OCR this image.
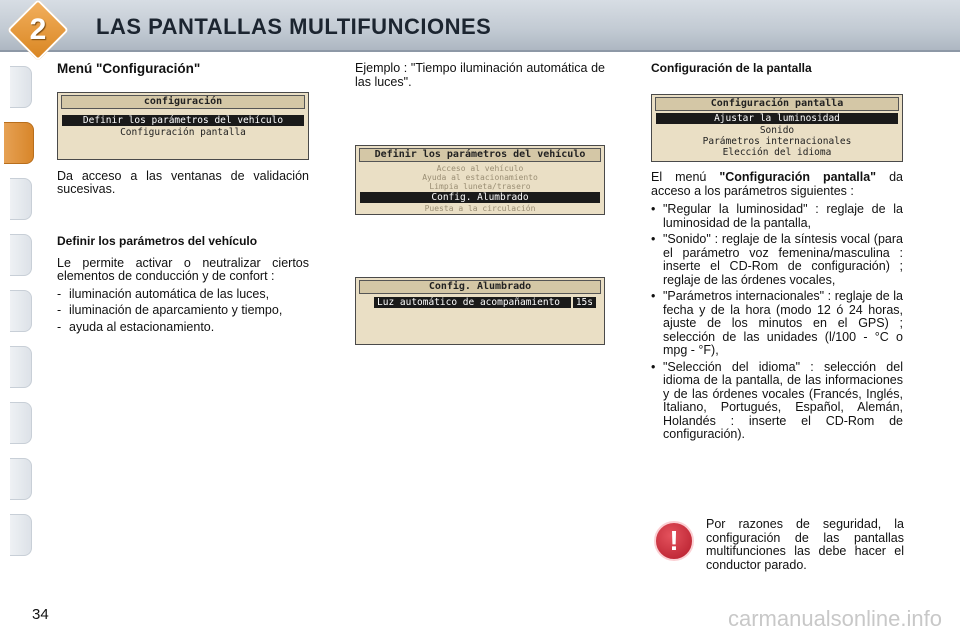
2	LAS PANTALLAS MULTIFUNCIONES
Menú "Configuración"
configuración
Definir los parámetros del vehículo
Configuración pantalla

Da acceso a las ventanas de validación sucesivas.

Definir los parámetros del vehículo

Le permite activar o neutralizar ciertos elementos de conducción y de confort :

- iluminación automática de las luces,
- iluminación de aparcamiento y tiempo,
- ayuda al estacionamiento.

Ejemplo : "Tiempo iluminación automática de las luces".

Definir los parámetros del vehículo
Acceso al vehículo
Ayuda al estacionamiento
Limpia luneta/trasero
Config. Alumbrado
Puesta a la circulación
Config. Alumbrado
Luz automático de acompañamiento	15s
Configuración de la pantalla
Configuración pantalla
Ajustar la luminosidad
Sonido
Parámetros internacionales
Elección del idioma

El menú "Configuración pantalla" da acceso a los parámetros siguientes :

• "Regular la luminosidad" : reglaje de la luminosidad de la pantalla,
• "Sonido" : reglaje de la síntesis vocal (para el parámetro voz femenina/masculina : inserte el CD-Rom de configuración) ; reglaje de las órdenes vocales,
• "Parámetros internacionales" : reglaje de la fecha y de la hora (modo 12 ó 24 horas, ajuste de los minutos en el GPS) ; selección de las unidades (l/100 - °C o mpg - °F),
• "Selección del idioma" : selección del idioma de la pantalla, de las informaciones y de las órdenes vocales (Francés, Inglés, Italiano, Portugués, Español, Alemán, Holandés : inserte el CD-Rom de configuración).
!
Por razones de seguridad, la configuración de las pantallas multifunciones las debe hacer el conductor parado.
34	carmanualsonline.info
